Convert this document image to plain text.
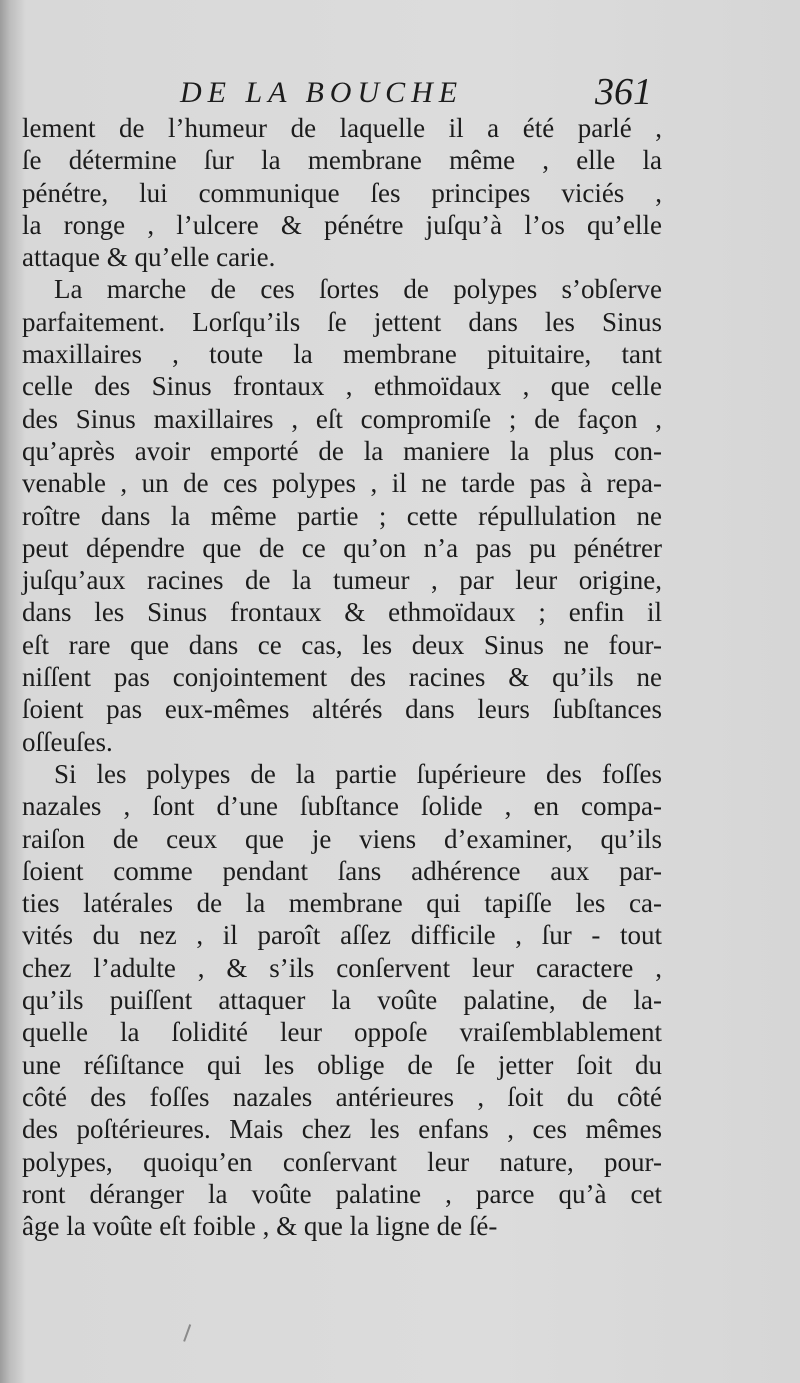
DE LA BOUCHE	361
lement de l’humeur de laquelle il a été parlé ,
ſe détermine ſur la membrane même , elle la
pénétre, lui communique ſes principes viciés ,
la ronge , l’ulcere & pénétre juſqu’à l’os qu’elle
attaque & qu’elle carie.
La marche de ces ſortes de polypes s’obſerve
parfaitement. Lorſqu’ils ſe jettent dans les Sinus
maxillaires , toute la membrane pituitaire, tant
celle des Sinus frontaux , ethmoïdaux , que celle
des Sinus maxillaires , eſt compromiſe ; de façon ,
qu’après avoir emporté de la maniere la plus con-
venable , un de ces polypes , il ne tarde pas à repa-
roître dans la même partie ; cette répullulation ne
peut dépendre que de ce qu’on n’a pas pu pénétrer
juſqu’aux racines de la tumeur , par leur origine,
dans les Sinus frontaux & ethmoïdaux ; enfin il
eſt rare que dans ce cas, les deux Sinus ne four-
niſſent pas conjointement des racines & qu’ils ne
ſoient pas eux-mêmes altérés dans leurs ſubſtances
oſſeuſes.
Si les polypes de la partie ſupérieure des foſſes
nazales , ſont d’une ſubſtance ſolide , en compa-
raiſon de ceux que je viens d’examiner, qu’ils
ſoient comme pendant ſans adhérence aux par-
ties latérales de la membrane qui tapiſſe les ca-
vités du nez , il paroît aſſez difficile , ſur - tout
chez l’adulte , & s’ils conſervent leur caractere ,
qu’ils puiſſent attaquer la voûte palatine, de la-
quelle la ſolidité leur oppoſe vraiſemblablement
une réſiſtance qui les oblige de ſe jetter ſoit du
côté des foſſes nazales antérieures , ſoit du côté
des poſtérieures. Mais chez les enfans , ces mêmes
polypes, quoiqu’en conſervant leur nature, pour-
ront déranger la voûte palatine , parce qu’à cet
âge la voûte eſt foible , & que la ligne de ſé-
